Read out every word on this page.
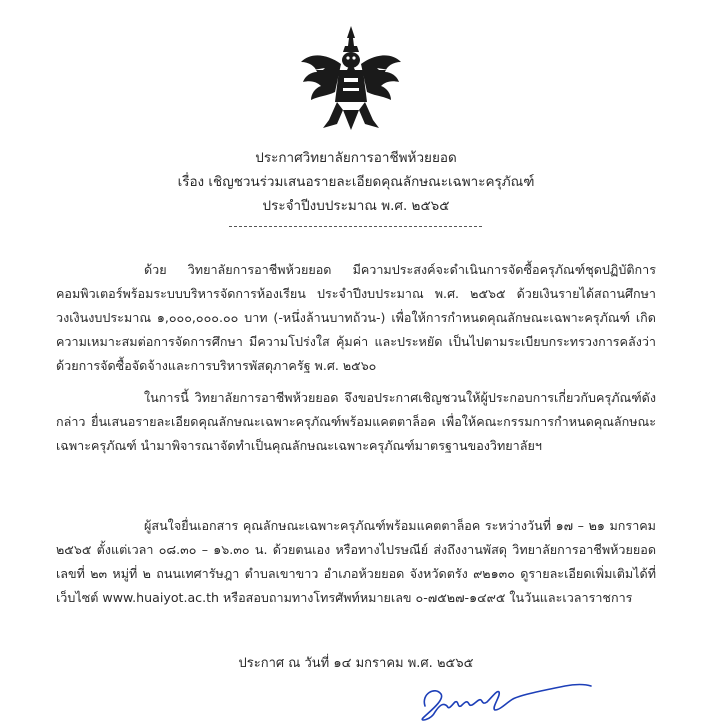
ประกาศวิทยาลัยการอาชีพห้วยยอด
เรื่อง เชิญชวนร่วมเสนอรายละเอียดคุณลักษณะเฉพาะครุภัณฑ์
ประจำปีงบประมาณ พ.ศ. ๒๕๖๕

ด้วย วิทยาลัยการอาชีพห้วยยอด มีความประสงค์จะดำเนินการจัดซื้อครุภัณฑ์ชุดปฏิบัติการคอมพิวเตอร์พร้อมระบบบริหารจัดการห้องเรียน ประจำปีงบประมาณ พ.ศ. ๒๕๖๕ ด้วยเงินรายได้สถานศึกษา วงเงินงบประมาณ ๑,๐๐๐,๐๐๐.๐๐ บาท (-หนึ่งล้านบาทถ้วน-) เพื่อให้การกำหนดคุณลักษณะเฉพาะครุภัณฑ์ เกิดความเหมาะสมต่อการจัดการศึกษา มีความโปร่งใส คุ้มค่า และประหยัด เป็นไปตามระเบียบกระทรวงการคลังว่าด้วยการจัดซื้อจัดจ้างและการบริหารพัสดุภาครัฐ พ.ศ. ๒๕๖๐

ในการนี้ วิทยาลัยการอาชีพห้วยยอด จึงขอประกาศเชิญชวนให้ผู้ประกอบการเกี่ยวกับครุภัณฑ์ดังกล่าว ยื่นเสนอรายละเอียดคุณลักษณะเฉพาะครุภัณฑ์พร้อมแคตตาล็อค เพื่อให้คณะกรรมการกำหนดคุณลักษณะเฉพาะครุภัณฑ์ นำมาพิจารณาจัดทำเป็นคุณลักษณะเฉพาะครุภัณฑ์มาตรฐานของวิทยาลัยฯ

ผู้สนใจยื่นเอกสาร คุณลักษณะเฉพาะครุภัณฑ์พร้อมแคตตาล็อค ระหว่างวันที่ ๑๗ – ๒๑ มกราคม ๒๕๖๕ ตั้งแต่เวลา ๐๘.๓๐ – ๑๖.๓๐ น. ด้วยตนเอง หรือทางไปรษณีย์ ส่งถึงงานพัสดุ วิทยาลัยการอาชีพห้วยยอด เลขที่ ๒๓ หมู่ที่ ๒ ถนนเทศารัษฎา ตำบลเขาขาว อำเภอห้วยยอด จังหวัดตรัง ๙๒๑๓๐ ดูรายละเอียดเพิ่มเติมได้ที่เว็บไซต์ www.huaiyot.ac.th หรือสอบถามทางโทรศัพท์หมายเลข ๐-๗๕๒๗-๑๔๙๕ ในวันและเวลาราชการ

ประกาศ ณ วันที่ ๑๔ มกราคม พ.ศ. ๒๕๖๕
